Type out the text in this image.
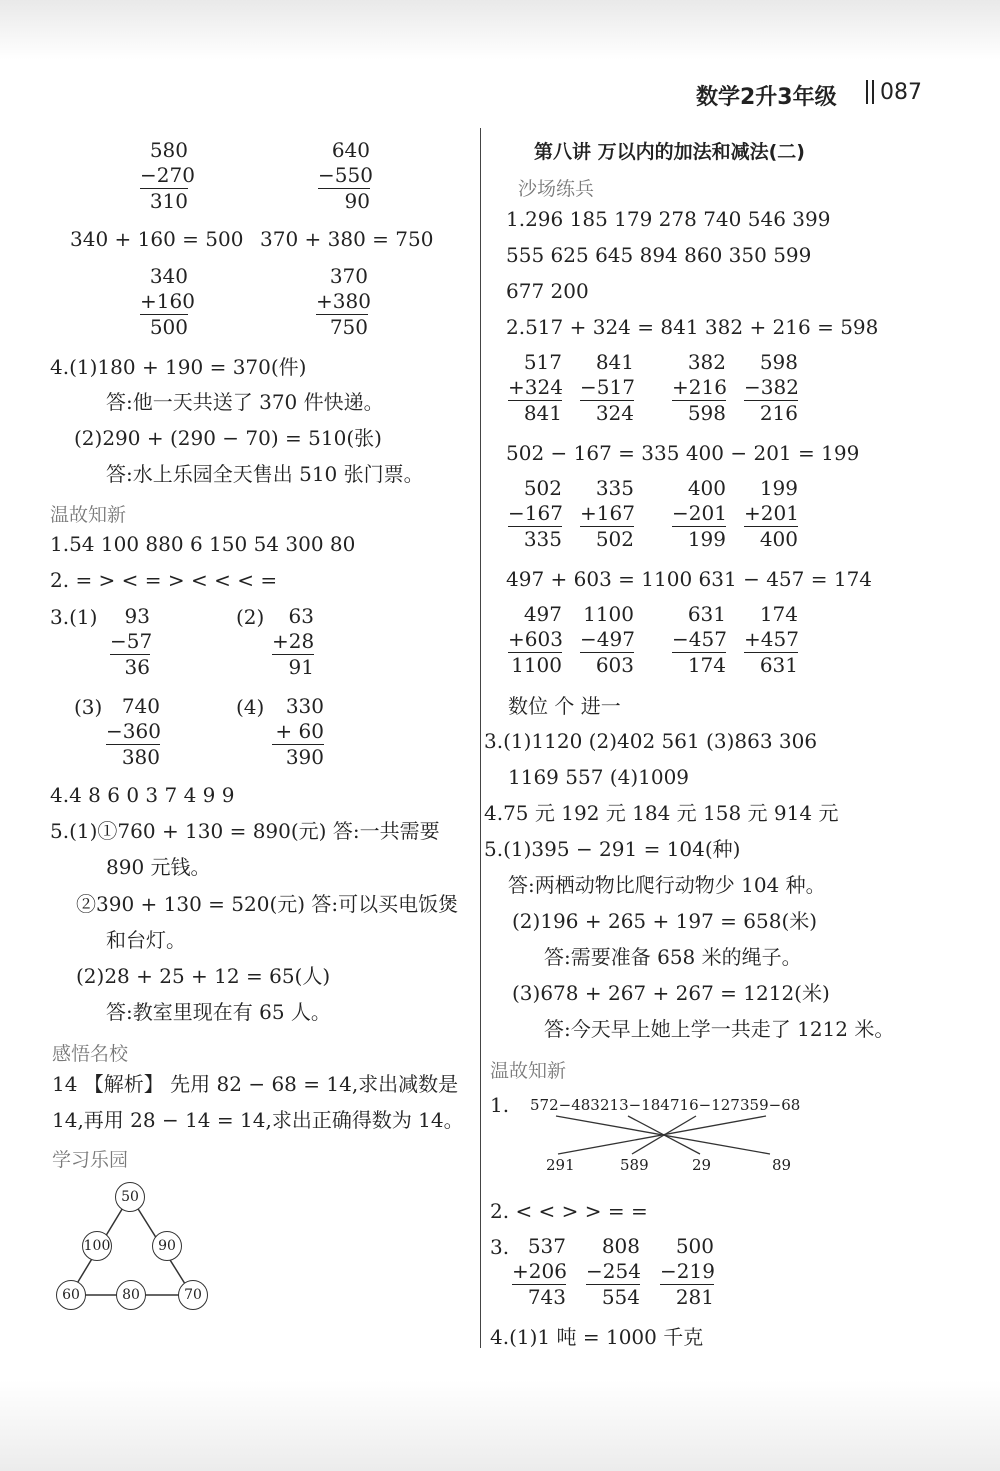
数学2升3年级 087
580
−270
310
640
−550
90
340 + 160 = 500 370 + 380 = 750
340
+160
500
370
+380
750
4.(1)180 + 190 = 370(件)
答:他一天共送了 370 件快递。
(2)290 + (290 − 70) = 510(张)
答:水上乐园全天售出 510 张门票。
温故知新
1.54 100 880 6 150 54 300 80
2. = > < = > < < < =
3.(1)	93
−57
36
(2)	63
+28
91
(3) 740
−360
380
(4)	330
+ 60
390
4.4 8 6 0 3 7 4 9 9
5.(1)①760 + 130 = 890(元) 答:一共需要
890 元钱。
②390 + 130 = 520(元) 答:可以买电饭煲
和台灯。
(2)28 + 25 + 12 = 65(人)
答:教室里现在有 65 人。
感悟名校
14 【解析】 先用 82 − 68 = 14,求出减数是
14,再用 28 − 14 = 14,求出正确得数为 14。
学习乐园
50
100	90
60	80	70
第八讲 万以内的加法和减法(二)
沙场练兵
1.296 185 179 278 740 546 399
555 625 645 894 860 350 599
677 200
2.517 + 324 = 841 382 + 216 = 598
517
+324
841
841
−517
324
382
+216
598
598
−382
216
502 − 167 = 335 400 − 201 = 199
502
−167
335
335
+167
502
400
−201
199
199
+201
400
497 + 603 = 1100 631 − 457 = 174
497
+603
1100
1100
−497
603
631
−457
174
174
+457
631
数位 个 进一
3.(1)1120 (2)402 561 (3)863 306
1169 557 (4)1009
4.75 元 192 元 184 元 158 元 914 元
5.(1)395 − 291 = 104(种)
答:两栖动物比爬行动物少 104 种。
(2)196 + 265 + 197 = 658(米)
答:需要准备 658 米的绳子。
(3)678 + 267 + 267 = 1212(米)
答:今天早上她上学一共走了 1212 米。
温故知新
1. 572−483 213−184 716−127 359−68
291	589	29	89
2. < < > > = =
3. 537
+206
743
808
−254
554
500
−219
281
4.(1)1 吨 = 1000 千克
